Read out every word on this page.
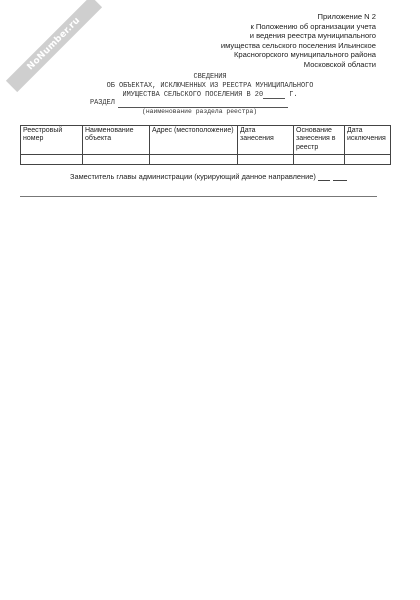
NoNumber.ru	Приложение N 2
к Положению об организации учета
и ведения реестра муниципального
имущества сельского поселения Ильинское
Красногорского муниципального района
Московской области
СВЕДЕНИЯ
ОБ ОБЪЕКТАХ, ИСКЛЮЧЕННЫХ ИЗ РЕЕСТРА МУНИЦИПАЛЬНОГО
ИМУЩЕСТВА СЕЛЬСКОГО ПОСЕЛЕНИЯ В 20	Г.
РАЗДЕЛ
(наименование раздела реестра)
Реестровый номер	Наименование объекта	Адрес (местоположение)	Дата занесения	Основание занесения в реестр	Дата исключения

Заместитель главы администрации (курирующий данное направление)
